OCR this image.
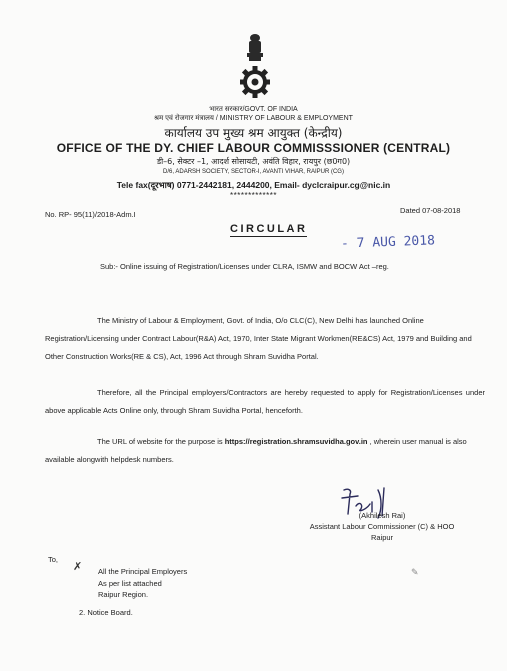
भारत सरकार/GOVT. OF INDIA
श्रम एवं रोजगार मंत्रालय / MINISTRY OF LABOUR & EMPLOYMENT
कार्यालय उप मुख्य श्रम आयुक्त (केन्द्रीय)
OFFICE OF THE DY. CHIEF LABOUR COMMISSSIONER (CENTRAL)
डी–6, सेक्टर –1, आदर्श सोसायटी, अवंति विहार, रायपुर (छ0ग0)
D/6, ADARSH SOCIETY, SECTOR-I, AVANTI VIHAR, RAIPUR (CG)
Tele fax(दूरभाष) 0771-2442181, 2444200, Email- dyclcraipur.cg@nic.in
*************
No. RP- 95(11)/2018-Adm.I	Dated 07-08-2018
CIRCULAR
- 7 AUG 2018
Sub:- Online issuing of Registration/Licenses under CLRA, ISMW and BOCW Act –reg.
The Ministry of Labour & Employment, Govt. of India, O/o CLC(C), New Delhi has launched Online Registration/Licensing under Contract Labour(R&A) Act, 1970, Inter State Migrant Workmen(RE&CS) Act, 1979 and Building and Other Construction Works(RE & CS), Act, 1996 Act through Shram Suvidha Portal.
Therefore, all the Principal employers/Contractors are hereby requested to apply for Registration/Licenses under above applicable Acts Online only, through Shram Suvidha Portal, henceforth.
The URL of website for the purpose is https://registration.shramsuvidha.gov.in , wherein user manual is also available alongwith helpdesk numbers.
(Akhilesh Rai)
Assistant Labour Commissioner (C) & HOO
Raipur
To,
✗ All the Principal Employers
As per list attached
Raipur Region.
2. Notice Board.
✎
